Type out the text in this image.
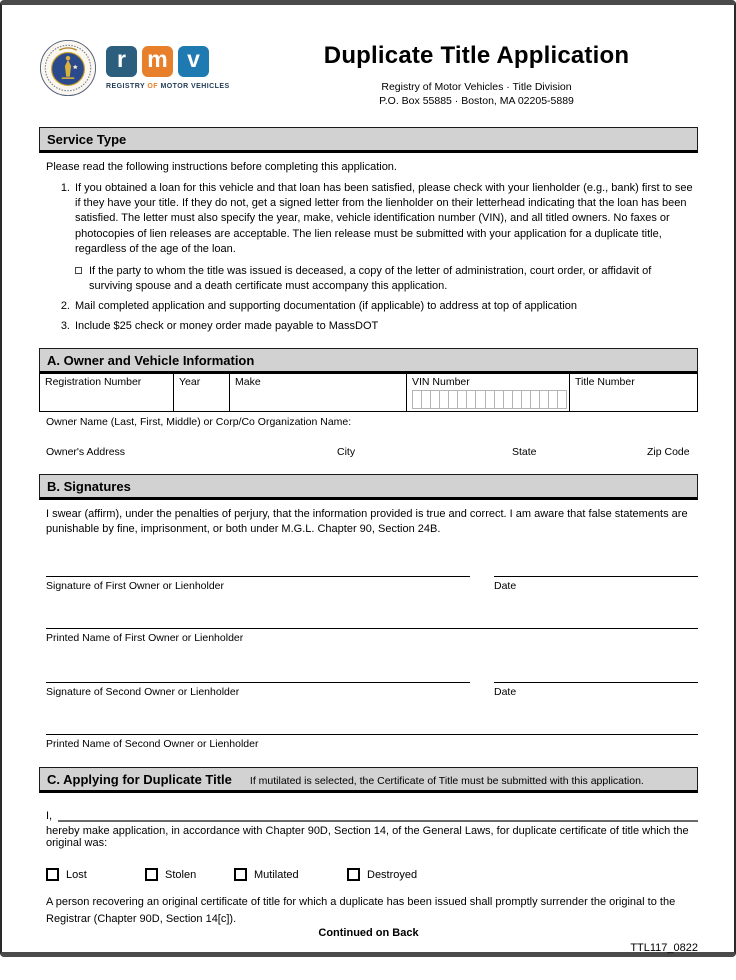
r m v
REGISTRY OF MOTOR VEHICLES
Duplicate Title Application
Registry of Motor Vehicles · Title Division
P.O. Box 55885 · Boston, MA 02205-5889
Service Type
Please read the following instructions before completing this application.
1. If you obtained a loan for this vehicle and that loan has been satisfied, please check with your lienholder (e.g., bank) first to see if they have your title. If they do not, get a signed letter from the lienholder on their letterhead indicating that the loan has been satisfied. The letter must also specify the year, make, vehicle identification number (VIN), and all titled owners. No faxes or photocopies of lien releases are acceptable. The lien release must be submitted with your application for a duplicate title, regardless of the age of the loan.
If the party to whom the title was issued is deceased, a copy of the letter of administration, court order, or affidavit of surviving spouse and a death certificate must accompany this application.
2. Mail completed application and supporting documentation (if applicable) to address at top of application
3. Include $25 check or money order made payable to MassDOT
A. Owner and Vehicle Information
Registration Number	Year	Make	VIN Number	Title Number
Owner Name (Last, First, Middle) or Corp/Co Organization Name:
Owner's Address	City	State	Zip Code
B. Signatures
I swear (affirm), under the penalties of perjury, that the information provided is true and correct. I am aware that false statements are punishable by fine, imprisonment, or both under M.G.L. Chapter 90, Section 24B.
Signature of First Owner or Lienholder	Date
Printed Name of First Owner or Lienholder
Signature of Second Owner or Lienholder	Date
Printed Name of Second Owner or Lienholder
C. Applying for Duplicate Title If mutilated is selected, the Certificate of Title must be submitted with this application.
I,
hereby make application, in accordance with Chapter 90D, Section 14, of the General Laws, for duplicate certificate of title which the original was:
Lost	Stolen	Mutilated	Destroyed
A person recovering an original certificate of title for which a duplicate has been issued shall promptly surrender the original to the Registrar (Chapter 90D, Section 14[c]).
Continued on Back
TTL117_0822
